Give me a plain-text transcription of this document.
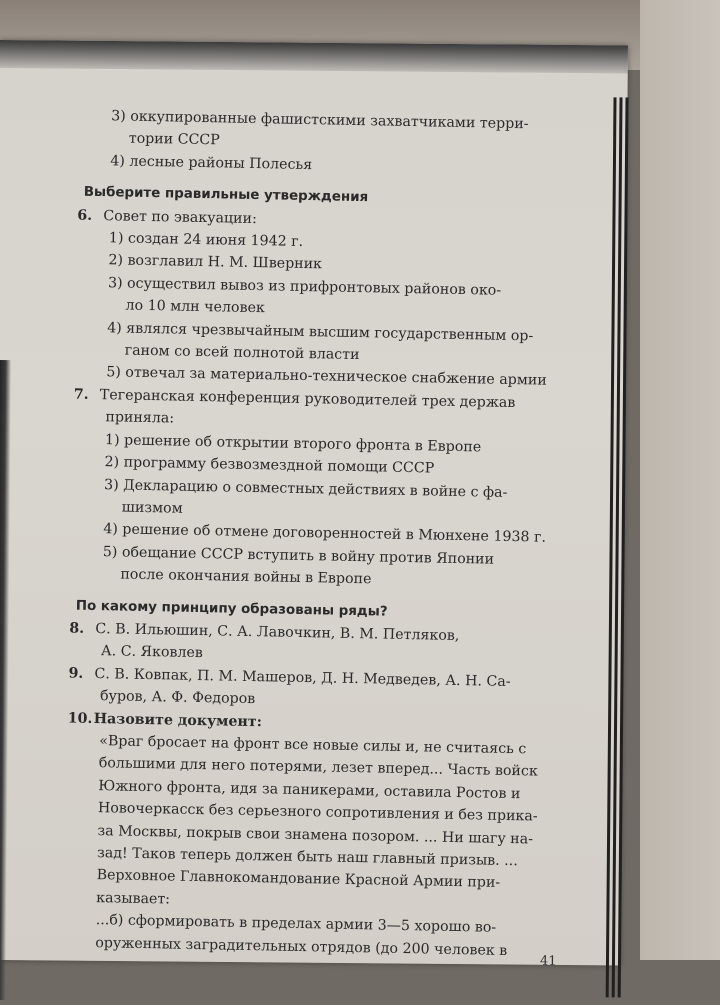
3) оккупированные фашистскими захватчиками терри-
тории СССР
4) лесные районы Полесья
Выберите правильные утверждения
6. Совет по эвакуации:
1) создан 24 июня 1942 г.
2) возглавил Н. М. Шверник
3) осуществил вывоз из прифронтовых районов око-
ло 10 млн человек
4) являлся чрезвычайным высшим государственным ор-
ганом со всей полнотой власти
5) отвечал за материально-техническое снабжение армии
7. Тегеранская конференция руководителей трех держав
приняла:
1) решение об открытии второго фронта в Европе
2) программу безвозмездной помощи СССР
3) Декларацию о совместных действиях в войне с фа-
шизмом
4) решение об отмене договоренностей в Мюнхене 1938 г.
5) обещание СССР вступить в войну против Японии
после окончания войны в Европе
По какому принципу образованы ряды?
8. С. В. Ильюшин, С. А. Лавочкин, В. М. Петляков,
А. С. Яковлев
9. С. В. Ковпак, П. М. Машеров, Д. Н. Медведев, А. Н. Са-
буров, А. Ф. Федоров
10.Назовите документ:
«Враг бросает на фронт все новые силы и, не считаясь с
большими для него потерями, лезет вперед... Часть войск
Южного фронта, идя за паникерами, оставила Ростов и
Новочеркасск без серьезного сопротивления и без прика-
за Москвы, покрыв свои знамена позором. ... Ни шагу на-
зад! Таков теперь должен быть наш главный призыв. ...
Верховное Главнокомандование Красной Армии при-
казывает:
...б) сформировать в пределах армии 3—5 хорошо во-
оруженных заградительных отрядов (до 200 человек в
41
